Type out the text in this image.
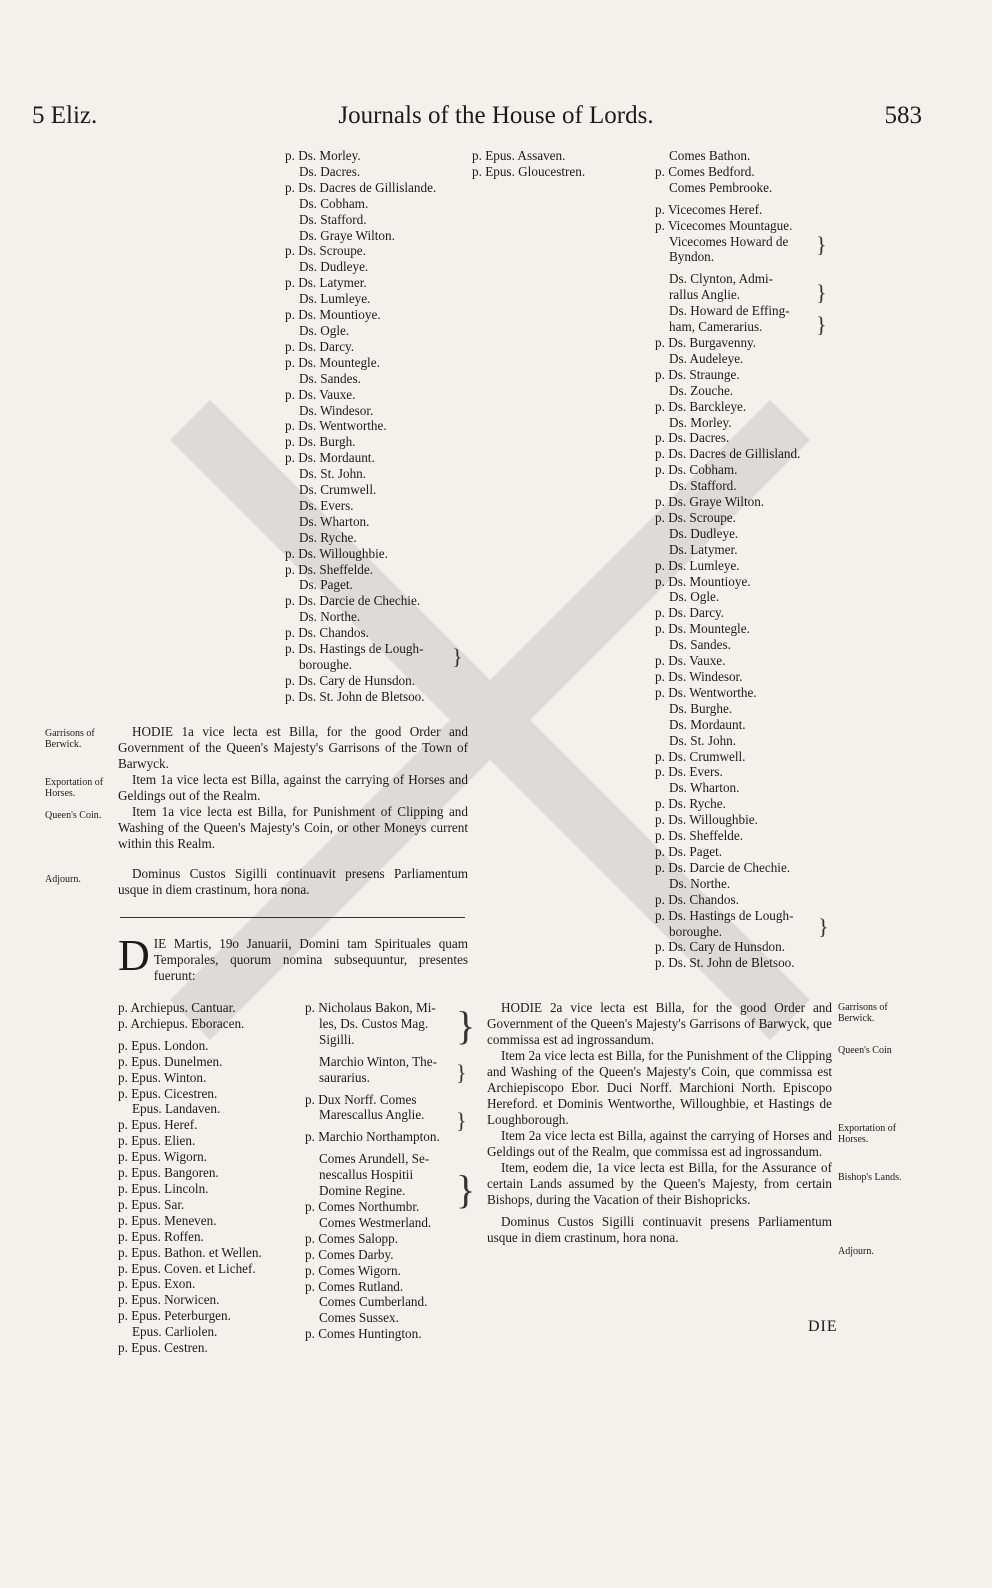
5 Eliz.	Journals of the House of Lords.	583
p. Ds. Morley.
Ds. Dacres.
p. Ds. Dacres de Gillislande.
Ds. Cobham.
Ds. Stafford.
Ds. Graye Wilton.
p. Ds. Scroupe.
Ds. Dudleye.
p. Ds. Latymer.
Ds. Lumleye.
p. Ds. Mountioye.
Ds. Ogle.
p. Ds. Darcy.
p. Ds. Mountegle.
Ds. Sandes.
p. Ds. Vauxe.
Ds. Windesor.
p. Ds. Wentworthe.
p. Ds. Burgh.
p. Ds. Mordaunt.
Ds. St. John.
Ds. Crumwell.
Ds. Evers.
Ds. Wharton.
Ds. Ryche.
p. Ds. Willoughbie.
p. Ds. Sheffelde.
Ds. Paget.
p. Ds. Darcie de Chechie.
Ds. Northe.
p. Ds. Chandos.
p. Ds. Hastings de Lough-
boroughe.
p. Ds. Cary de Hunsdon.
p. Ds. St. John de Bletsoo.
}
p. Epus. Assaven.
p. Epus. Gloucestren.
Comes Bathon.
p. Comes Bedford.
Comes Pembrooke.

p. Vicecomes Heref.
p. Vicecomes Mountague.
Vicecomes Howard de
Byndon.

Ds. Clynton, Admi-
rallus Anglie.
Ds. Howard de Effing-
ham, Camerarius.
p. Ds. Burgavenny.
Ds. Audeleye.
p. Ds. Straunge.
Ds. Zouche.
p. Ds. Barckleye.
Ds. Morley.
p. Ds. Dacres.
p. Ds. Dacres de Gillisland.
p. Ds. Cobham.
Ds. Stafford.
p. Ds. Graye Wilton.
p. Ds. Scroupe.
Ds. Dudleye.
Ds. Latymer.
p. Ds. Lumleye.
p. Ds. Mountioye.
Ds. Ogle.
p. Ds. Darcy.
p. Ds. Mountegle.
Ds. Sandes.
p. Ds. Vauxe.
p. Ds. Windesor.
p. Ds. Wentworthe.
Ds. Burghe.
Ds. Mordaunt.
Ds. St. John.
p. Ds. Crumwell.
p. Ds. Evers.
Ds. Wharton.
p. Ds. Ryche.
p. Ds. Willoughbie.
p. Ds. Sheffelde.
p. Ds. Paget.
p. Ds. Darcie de Chechie.
Ds. Northe.
p. Ds. Chandos.
p. Ds. Hastings de Lough-
boroughe.
p. Ds. Cary de Hunsdon.
p. Ds. St. John de Bletsoo.
}
}
}
}
Garrisons of Berwick.
Exportation of Horses.
Queen's Coin.
Adjourn.

HODIE 1a vice lecta est Billa, for the good Order and Government of the Queen's Majesty's Garrisons of the Town of Barwyck.

Item 1a vice lecta est Billa, against the carrying of Horses and Geldings out of the Realm.

Item 1a vice lecta est Billa, for Punishment of Clipping and Washing of the Queen's Majesty's Coin, or other Moneys current within this Realm.

Dominus Custos Sigilli continuavit presens Parliamentum usque in diem crastinum, hora nona.

D IE Martis, 19o Januarii, Domini tam Spirituales quam Temporales, quorum nomina subsequuntur, presentes fuerunt:
p. Archiepus. Cantuar.
p. Archiepus. Eboracen.

p. Epus. London.
p. Epus. Dunelmen.
p. Epus. Winton.
p. Epus. Cicestren.
Epus. Landaven.
p. Epus. Heref.
p. Epus. Elien.
p. Epus. Wigorn.
p. Epus. Bangoren.
p. Epus. Lincoln.
p. Epus. Sar.
p. Epus. Meneven.
p. Epus. Roffen.
p. Epus. Bathon. et Wellen.
p. Epus. Coven. et Lichef.
p. Epus. Exon.
p. Epus. Norwicen.
p. Epus. Peterburgen.
Epus. Carliolen.
p. Epus. Cestren.
p. Nicholaus Bakon, Mi-
les, Ds. Custos Mag.
Sigilli.

Marchio Winton, The-
saurarius.

p. Dux Norff. Comes
Marescallus Anglie.

p. Marchio Northampton.

Comes Arundell, Se-
nescallus Hospitii
Domine Regine.
p. Comes Northumbr.
Comes Westmerland.
p. Comes Salopp.
p. Comes Darby.
p. Comes Wigorn.
p. Comes Rutland.
Comes Cumberland.
Comes Sussex.
p. Comes Huntington.
}
}
}
}

HODIE 2a vice lecta est Billa, for the good Order and Government of the Queen's Majesty's Garrisons of Barwyck, que commissa est ad ingrossandum.

Item 2a vice lecta est Billa, for the Punishment of the Clipping and Washing of the Queen's Majesty's Coin, que commissa est Archiepiscopo Ebor. Duci Norff. Marchioni North. Episcopo Hereford. et Dominis Wentworthe, Willoughbie, et Hastings de Loughborough.

Item 2a vice lecta est Billa, against the carrying of Horses and Geldings out of the Realm, que commissa est ad ingrossandum.

Item, eodem die, 1a vice lecta est Billa, for the Assurance of certain Lands assumed by the Queen's Majesty, from certain Bishops, during the Vacation of their Bishopricks.

Dominus Custos Sigilli continuavit presens Parliamentum usque in diem crastinum, hora nona.

Garrisons of Berwick.
Queen's Coin
Exportation of Horses.
Bishop's Lands.
Adjourn.
DIE
